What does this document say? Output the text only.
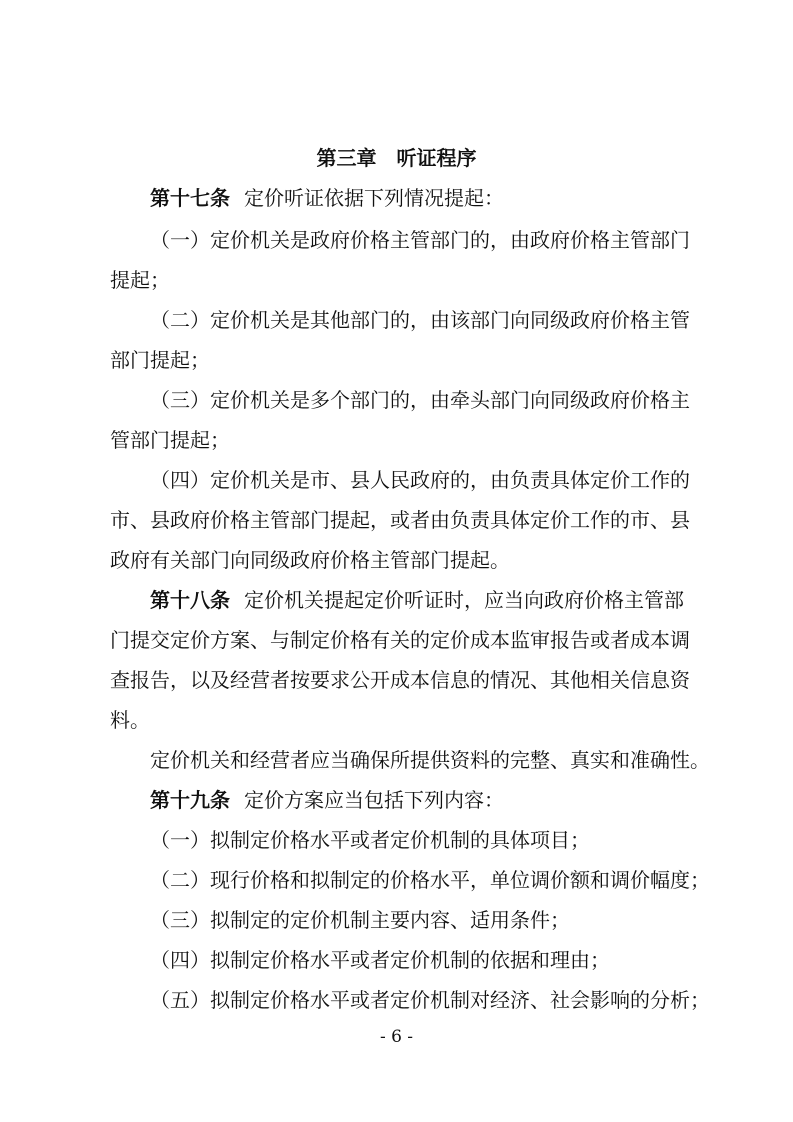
第三章　听证程序
第十七条 定价听证依据下列情况提起：
（一）定价机关是政府价格主管部门的，由政府价格主管部门
提起；
（二）定价机关是其他部门的，由该部门向同级政府价格主管
部门提起；
（三）定价机关是多个部门的，由牵头部门向同级政府价格主
管部门提起；
（四）定价机关是市、县人民政府的，由负责具体定价工作的
市、县政府价格主管部门提起，或者由负责具体定价工作的市、县
政府有关部门向同级政府价格主管部门提起。
第十八条 定价机关提起定价听证时，应当向政府价格主管部
门提交定价方案、与制定价格有关的定价成本监审报告或者成本调
查报告，以及经营者按要求公开成本信息的情况、其他相关信息资
料。
定价机关和经营者应当确保所提供资料的完整、真实和准确性。
第十九条 定价方案应当包括下列内容：
（一）拟制定价格水平或者定价机制的具体项目；
（二）现行价格和拟制定的价格水平，单位调价额和调价幅度；
（三）拟制定的定价机制主要内容、适用条件；
（四）拟制定价格水平或者定价机制的依据和理由；
（五）拟制定价格水平或者定价机制对经济、社会影响的分析；
- 6 -
